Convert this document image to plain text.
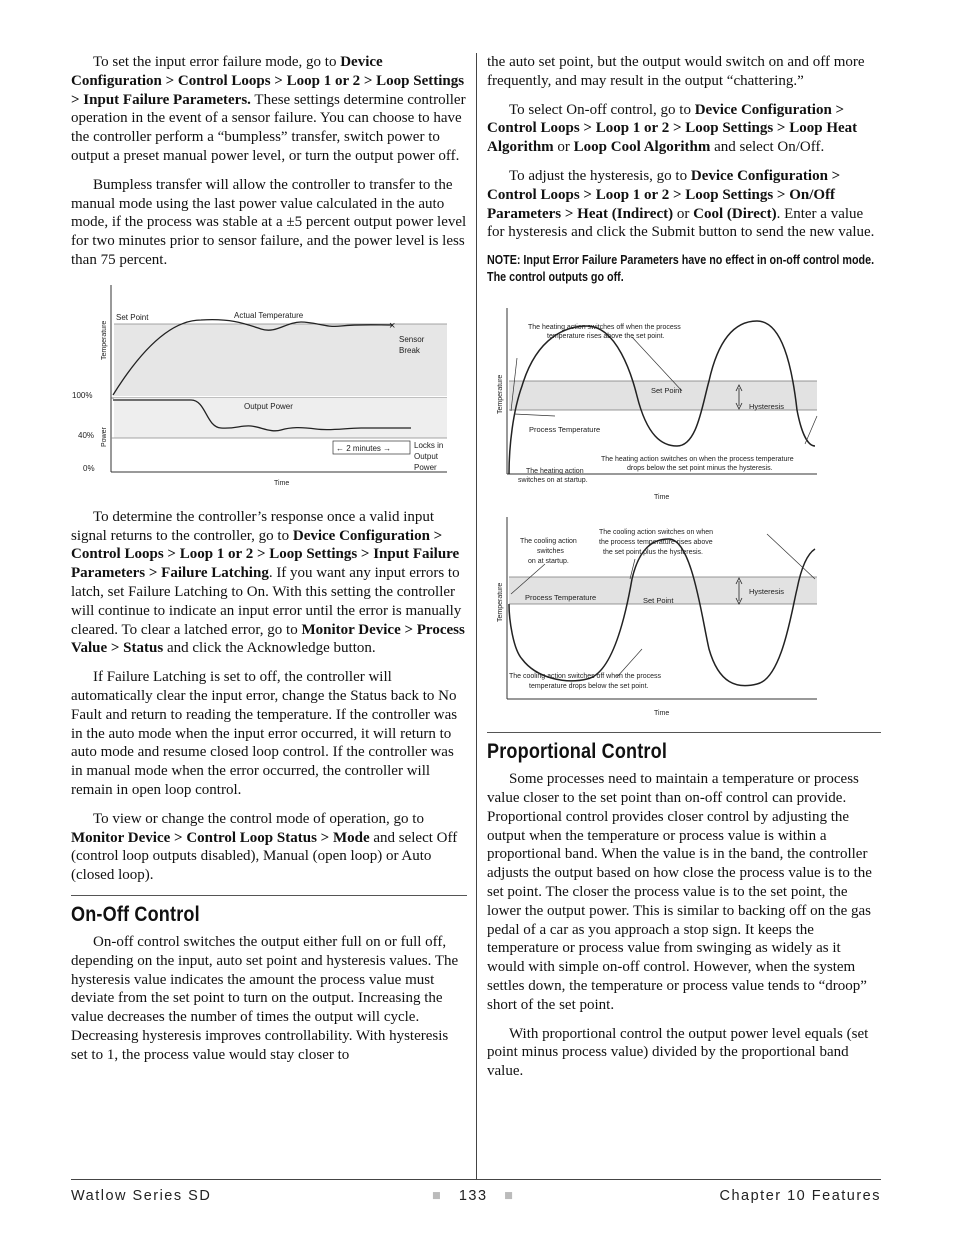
To set the input error failure mode, go to Device Configuration > Control Loops > Loop 1 or 2 > Loop Settings > Input Failure Parameters. These settings determine controller operation in the event of a sensor failure. You can choose to have the controller perform a “bumpless” transfer, switch power to output a preset manual power level, or turn the output power off.

Bumpless transfer will allow the controller to transfer to the manual mode using the last power value calculated in the auto mode, if the process was stable at a ±5 percent output power level for two minutes prior to sensor failure, and the power level is less than 75 percent.

×
Set Point	Actual Temperature
Sensor
Break
Temperature
Output Power
Power
100%
40%
0%
← 2 minutes →	Locks in
Output
Power
Time

To determine the controller’s response once a valid input signal returns to the controller, go to Device Configuration > Control Loops > Loop 1 or 2 > Loop Settings > Input Failure Parameters > Failure Latching. If you want any input errors to latch, set Failure Latching to On. With this setting the controller will continue to indicate an input error until the error is manually cleared. To clear a latched error, go to Monitor Device > Process Value > Status and click the Acknowledge button.

If Failure Latching is set to off, the controller will automatically clear the input error, change the Status back to No Fault and return to reading the temperature. If the controller was in the auto mode when the input error occurred, it will return to auto mode and resume closed loop control. If the controller was in manual mode when the error occurred, the controller will remain in open loop control.

To view or change the control mode of operation, go to Monitor Device > Control Loop Status > Mode and select Off (control loop outputs disabled), Manual (open loop) or Auto (closed loop).

On-Off Control

On-off control switches the output either full on or full off, depending on the input, auto set point and hysteresis values. The hysteresis value indicates the amount the process value must deviate from the set point to turn on the output. Increasing the value decreases the number of times the output will cycle. Decreasing hysteresis improves controllability. With hysteresis set to 1, the process value would stay closer to

the auto set point, but the output would switch on and off more frequently, and may result in the output “chattering.”

To select On-off control, go to Device Configuration > Control Loops > Loop 1 or 2 > Loop Settings > Loop Heat Algorithm or Loop Cool Algorithm and select On/Off.

To adjust the hysteresis, go to Device Configuration > Control Loops > Loop 1 or 2 > Loop Settings > On/Off Parameters > Heat (Indirect) or Cool (Direct). Enter a value for hysteresis and click the Submit button to send the new value.

NOTE: Input Error Failure Parameters have no effect in on-off control mode. The control outputs go off.
The heating action switches off when the process
temperature rises above the set point.
Set Point
Hysteresis
Process Temperature
The heating action
switches on at startup.
The heating action switches on when the process temperature
drops below the set point minus the hysteresis.
Temperature
Time
The cooling action
switches
on at startup.
The cooling action switches on when
the process temperature rises above
the set point plus the hysteresis.
Process Temperature	Set Point
Hysteresis
The cooling action switches off when the process
temperature drops below the set point.
Temperature
Time
Proportional Control

Some processes need to maintain a temperature or process value closer to the set point than on-off control can provide. Proportional control provides closer control by adjusting the output when the temperature or process value is within a proportional band. When the value is in the band, the controller adjusts the output based on how close the process value is to the set point. The closer the process value is to the set point, the lower the output power. This is similar to backing off on the gas pedal of a car as you approach a stop sign. It keeps the temperature or process value from swinging as widely as it would with simple on-off control. However, when the system settles down, the temperature or process value tends to “droop” short of the set point.

With proportional control the output power level equals (set point minus process value) divided by the proportional band value.

Watlow Series SD	■ 133 ■	Chapter 10 Features
